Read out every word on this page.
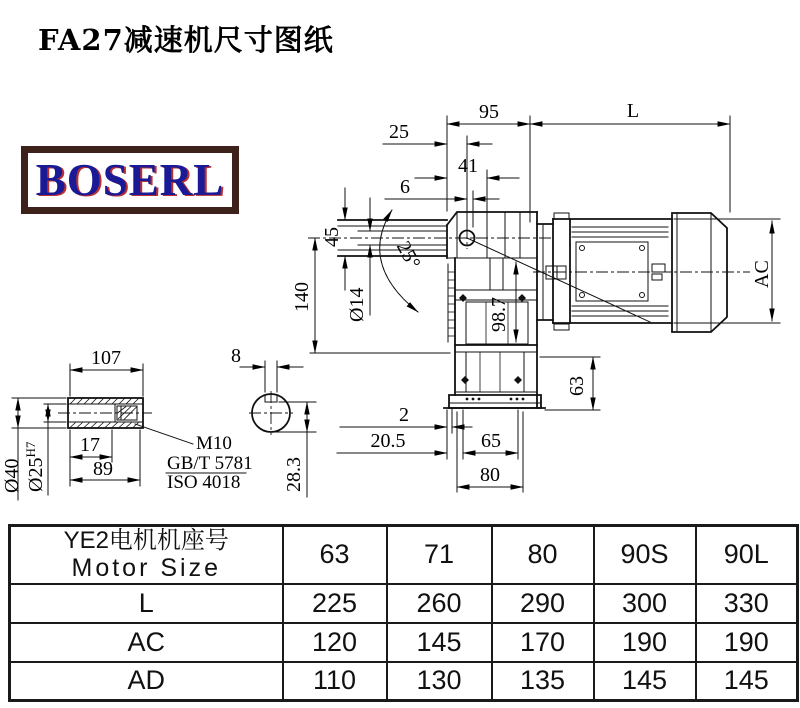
FA27减速机尺寸图纸
BOSERL
107
17
89
Ø40 $Ø25^{H7}$	M10
GB/T 5781
ISO 4018
8
28.3
98.7
25°
95	L
25
41
6
45
Ø14
140
AC
63
2
20.5	65
80
YE2电机机座号
Motor Size	63	71	80	90S	90L
L	225	260	290	300	330
AC	120	145	170	190	190
AD	110	130	135	145	145
